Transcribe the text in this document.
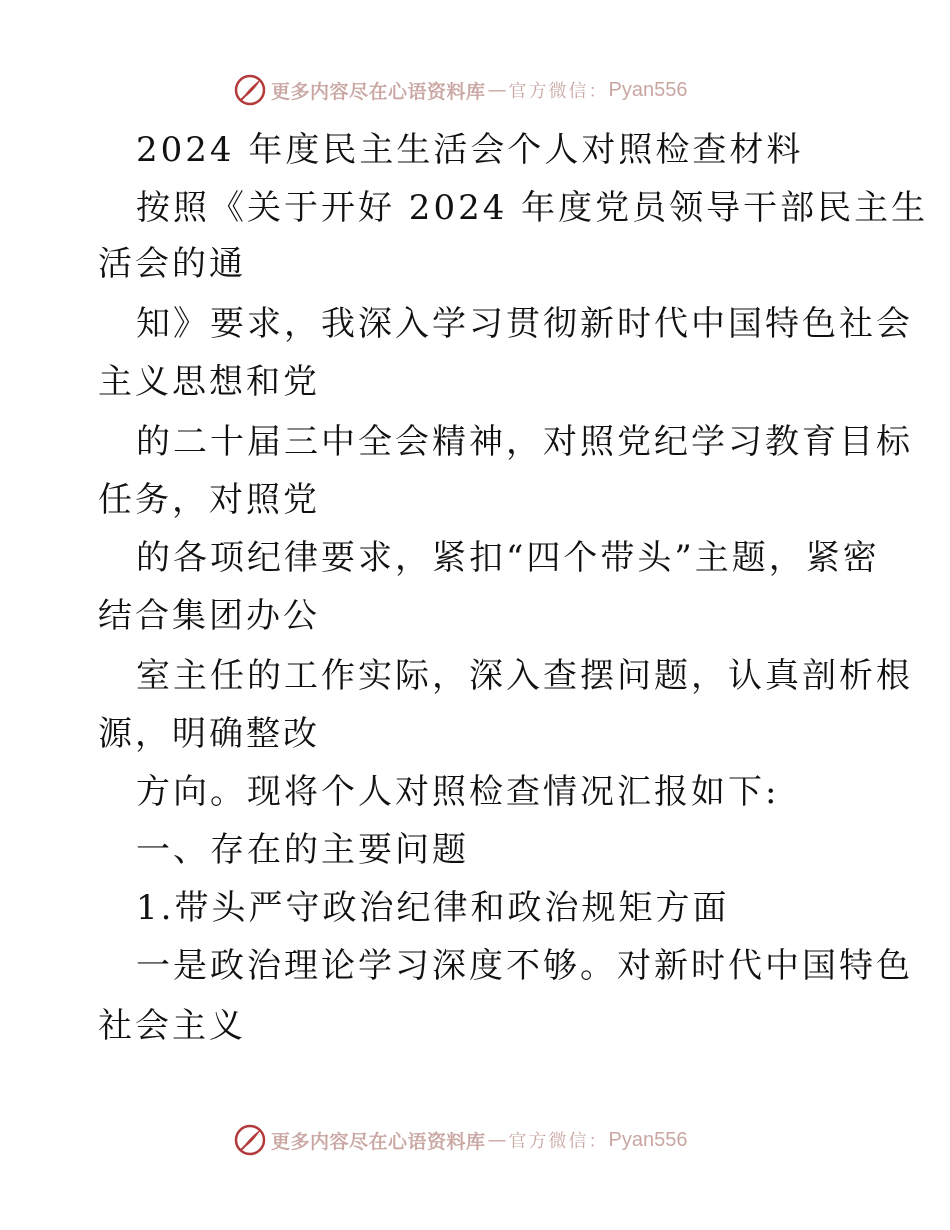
更多内容尽在心语资料库 — 官方微信： Pyan556
2024 年度民主生活会个人对照检查材料
按照《关于开好 2024 年度党员领导干部民主生
活会的通
知》要求，我深入学习贯彻新时代中国特色社会
主义思想和党
的二十届三中全会精神，对照党纪学习教育目标
任务，对照党
的各项纪律要求，紧扣“四个带头”主题，紧密
结合集团办公
室主任的工作实际，深入查摆问题，认真剖析根
源，明确整改
方向。现将个人对照检查情况汇报如下:
一、存在的主要问题
1.带头严守政治纪律和政治规矩方面
一是政治理论学习深度不够。对新时代中国特色
社会主义
更多内容尽在心语资料库 — 官方微信： Pyan556
